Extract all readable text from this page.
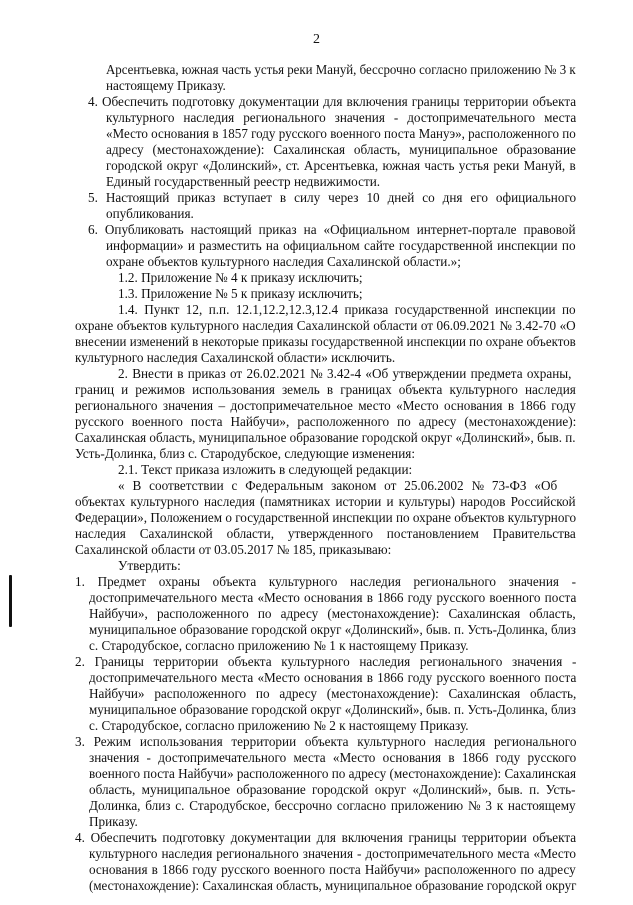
2
Арсентьевка, южная часть устья реки Мануй, бессрочно согласно приложению № 3 к
настоящему Приказу.
4. Обеспечить подготовку документации для включения границы территории объекта
культурного наследия регионального значения - достопримечательного места
«Место основания в 1857 году русского военного поста Мануэ», расположенного по
адресу (местонахождение): Сахалинская область, муниципальное образование
городской округ «Долинский», ст. Арсентьевка, южная часть устья реки Мануй, в
Единый государственный реестр недвижимости.
5. Настоящий приказ вступает в силу через 10 дней со дня его официального
опубликования.
6. Опубликовать настоящий приказ на «Официальном интернет-портале правовой
информации» и разместить на официальном сайте государственной инспекции по
охране объектов культурного наследия Сахалинской области.»;
1.2. Приложение № 4 к приказу исключить;
1.3. Приложение № 5 к приказу исключить;
1.4. Пункт 12, п.п. 12.1,12.2,12.3,12.4 приказа государственной инспекции по
охране объектов культурного наследия Сахалинской области от 06.09.2021 № 3.42-70 «О
внесении изменений в некоторые приказы государственной инспекции по охране объектов
культурного наследия Сахалинской области» исключить.
2. Внести в приказ от 26.02.2021 № 3.42-4 «Об утверждении предмета охраны,
границ и режимов использования земель в границах объекта культурного наследия
регионального значения – достопримечательное место «Место основания в 1866 году
русского военного поста Найбучи», расположенного по адресу (местонахождение):
Сахалинская область, муниципальное образование городской округ «Долинский», быв. п.
Усть-Долинка, близ с. Стародубское, следующие изменения:
2.1. Текст приказа изложить в следующей редакции:
« В соответствии с Федеральным законом от 25.06.2002 № 73-ФЗ «Об
объектах культурного наследия (памятниках истории и культуры) народов Российской
Федерации», Положением о государственной инспекции по охране объектов культурного
наследия Сахалинской области, утвержденного постановлением Правительства
Сахалинской области от 03.05.2017 № 185, приказываю:
Утвердить:
1. Предмет охраны объекта культурного наследия регионального значения -
достопримечательного места «Место основания в 1866 году русского военного поста
Найбучи», расположенного по адресу (местонахождение): Сахалинская область,
муниципальное образование городской округ «Долинский», быв. п. Усть-Долинка, близ
с. Стародубское, согласно приложению № 1 к настоящему Приказу.
2. Границы территории объекта культурного наследия регионального значения -
достопримечательного места «Место основания в 1866 году русского военного поста
Найбучи» расположенного по адресу (местонахождение): Сахалинская область,
муниципальное образование городской округ «Долинский», быв. п. Усть-Долинка, близ
с. Стародубское, согласно приложению № 2 к настоящему Приказу.
3. Режим использования территории объекта культурного наследия регионального
значения - достопримечательного места «Место основания в 1866 году русского
военного поста Найбучи» расположенного по адресу (местонахождение): Сахалинская
область, муниципальное образование городской округ «Долинский», быв. п. Усть-
Долинка, близ с. Стародубское, бессрочно согласно приложению № 3 к настоящему
Приказу.
4. Обеспечить подготовку документации для включения границы территории объекта
культурного наследия регионального значения - достопримечательного места «Место
основания в 1866 году русского военного поста Найбучи» расположенного по адресу
(местонахождение): Сахалинская область, муниципальное образование городской округ
